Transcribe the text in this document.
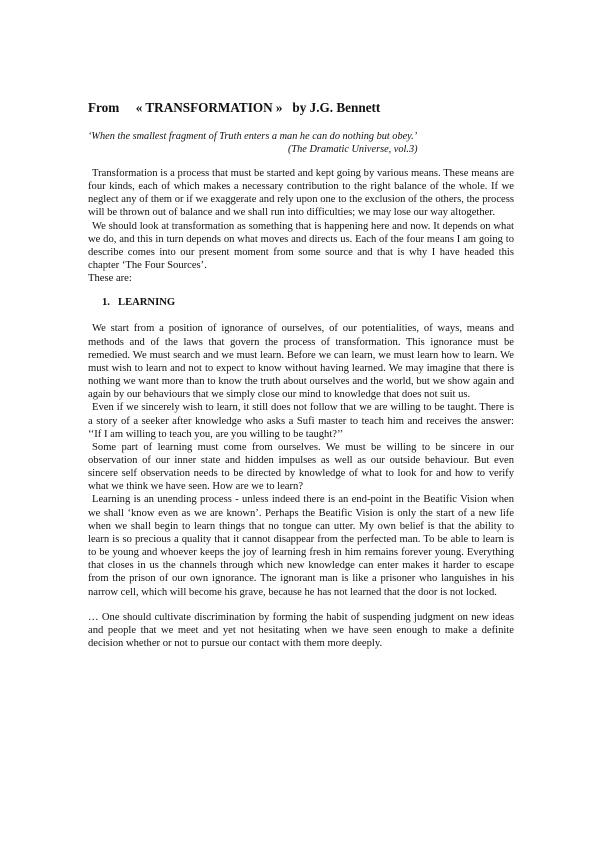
From     « TRANSFORMATION »   by J.G. Bennett
‘When the smallest fragment of Truth enters a man he can do nothing but obey.’
(The Dramatic Universe, vol.3)

Transformation is a process that must be started and kept going by various means. These means are four kinds, each of which makes a necessary contribution to the right balance of the whole. If we neglect any of them or if we exaggerate and rely upon one to the exclusion of the others, the process will be thrown out of balance and we shall run into difficulties; we may lose our way altogether.

We should look at transformation as something that is happening here and now. It depends on what we do, and this in turn depends on what moves and directs us. Each of the four means I am going to describe comes into our present moment from some source and that is why I have headed this chapter ‘The Four Sources’.

These are:

1. LEARNING

We start from a position of ignorance of ourselves, of our potentialities, of ways, means and methods and of the laws that govern the process of transformation. This ignorance must be remedied. We must search and we must learn. Before we can learn, we must learn how to learn. We must wish to learn and not to expect to know without having learned. We may imagine that there is nothing we want more than to know the truth about ourselves and the world, but we show again and again by our behaviours that we simply close our mind to knowledge that does not suit us.

Even if we sincerely wish to learn, it still does not follow that we are willing to be taught. There is a story of a seeker after knowledge who asks a Sufi master to teach him and receives the answer: ‘‘If I am willing to teach you, are you willing to be taught?’’

Some part of learning must come from ourselves. We must be willing to be sincere in our observation of our inner state and hidden impulses as well as our outside behaviour. But even sincere self observation needs to be directed by knowledge of what to look for and how to verify what we think we have seen. How are we to learn?

Learning is an unending process - unless indeed there is an end-point in the Beatific Vision when we shall ‘know even as we are known’. Perhaps the Beatific Vision is only the start of a new life when we shall begin to learn things that no tongue can utter. My own belief is that the ability to learn is so precious a quality that it cannot disappear from the perfected man. To be able to learn is to be young and whoever keeps the joy of learning fresh in him remains forever young. Everything that closes in us the channels through which new knowledge can enter makes it harder to escape from the prison of our own ignorance. The ignorant man is like a prisoner who languishes in his narrow cell, which will become his grave, because he has not learned that the door is not locked.

… One should cultivate discrimination by forming the habit of suspending judgment on new ideas and people that we meet and yet not hesitating when we have seen enough to make a definite decision whether or not to pursue our contact with them more deeply.
